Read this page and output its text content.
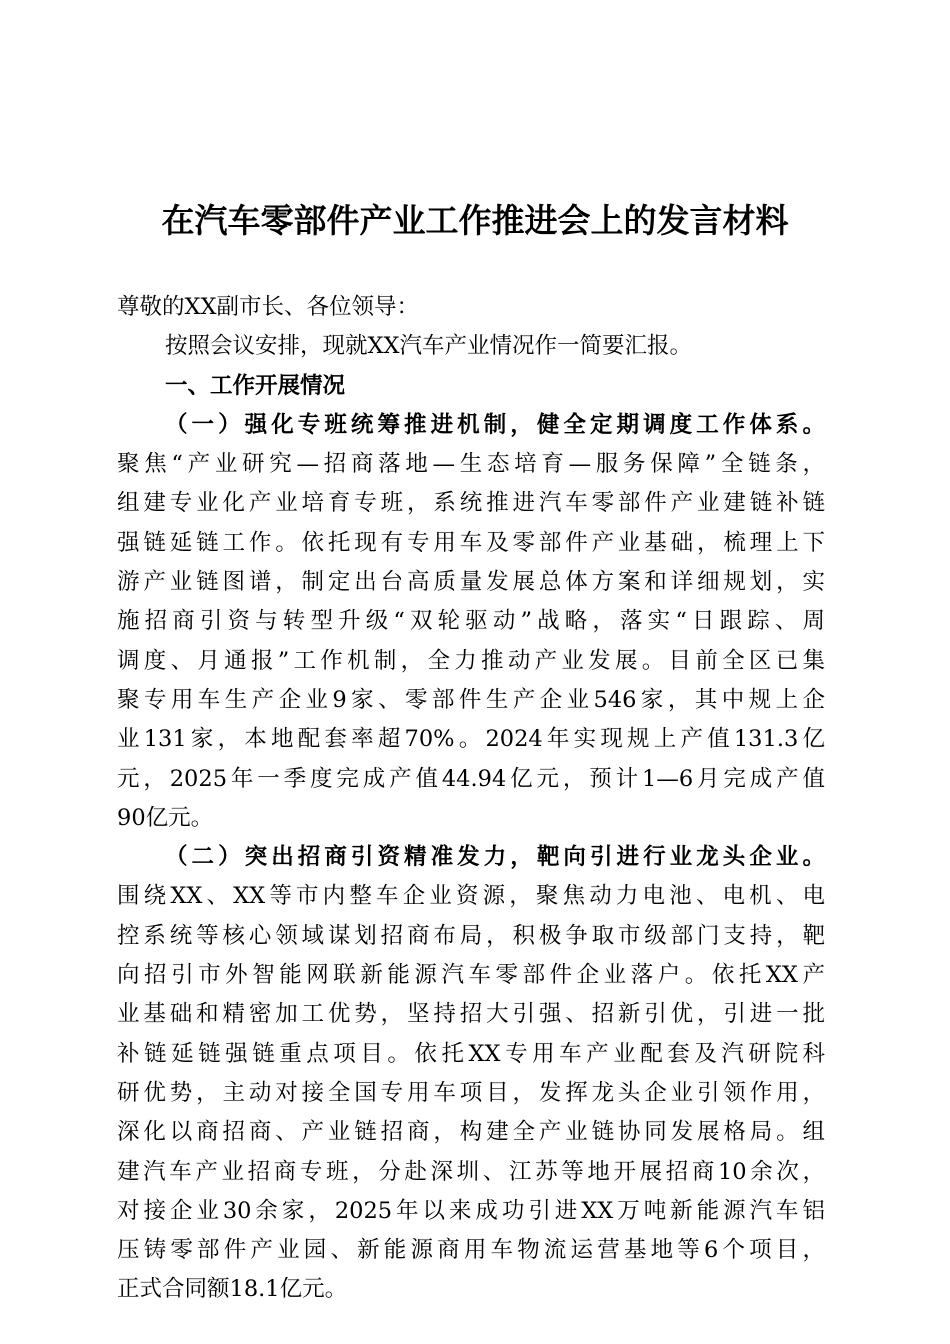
在汽车零部件产业工作推进会上的发言材料

尊敬的XX副市长、各位领导：

按照会议安排，现就XX汽车产业情况作一简要汇报。

一、工作开展情况

（一）强化专班统筹推进机制，健全定期调度工作体系。

聚焦“产业研究—招商落地—生态培育—服务保障”全链条，

组建专业化产业培育专班，系统推进汽车零部件产业建链补链

强链延链工作。依托现有专用车及零部件产业基础，梳理上下

游产业链图谱，制定出台高质量发展总体方案和详细规划，实

施招商引资与转型升级“双轮驱动”战略，落实“日跟踪、周

调度、月通报”工作机制，全力推动产业发展。目前全区已集

聚专用车生产企业9家、零部件生产企业546家，其中规上企

业131家，本地配套率超70%。2024年实现规上产值131.3亿

元，2025年一季度完成产值44.94亿元，预计1—6月完成产值

90亿元。

（二）突出招商引资精准发力，靶向引进行业龙头企业。

围绕XX、XX等市内整车企业资源，聚焦动力电池、电机、电

控系统等核心领域谋划招商布局，积极争取市级部门支持，靶

向招引市外智能网联新能源汽车零部件企业落户。依托XX产

业基础和精密加工优势，坚持招大引强、招新引优，引进一批

补链延链强链重点项目。依托XX专用车产业配套及汽研院科

研优势，主动对接全国专用车项目，发挥龙头企业引领作用，

深化以商招商、产业链招商，构建全产业链协同发展格局。组

建汽车产业招商专班，分赴深圳、江苏等地开展招商10余次，

对接企业30余家，2025年以来成功引进XX万吨新能源汽车铝

压铸零部件产业园、新能源商用车物流运营基地等6个项目，

正式合同额18.1亿元。
